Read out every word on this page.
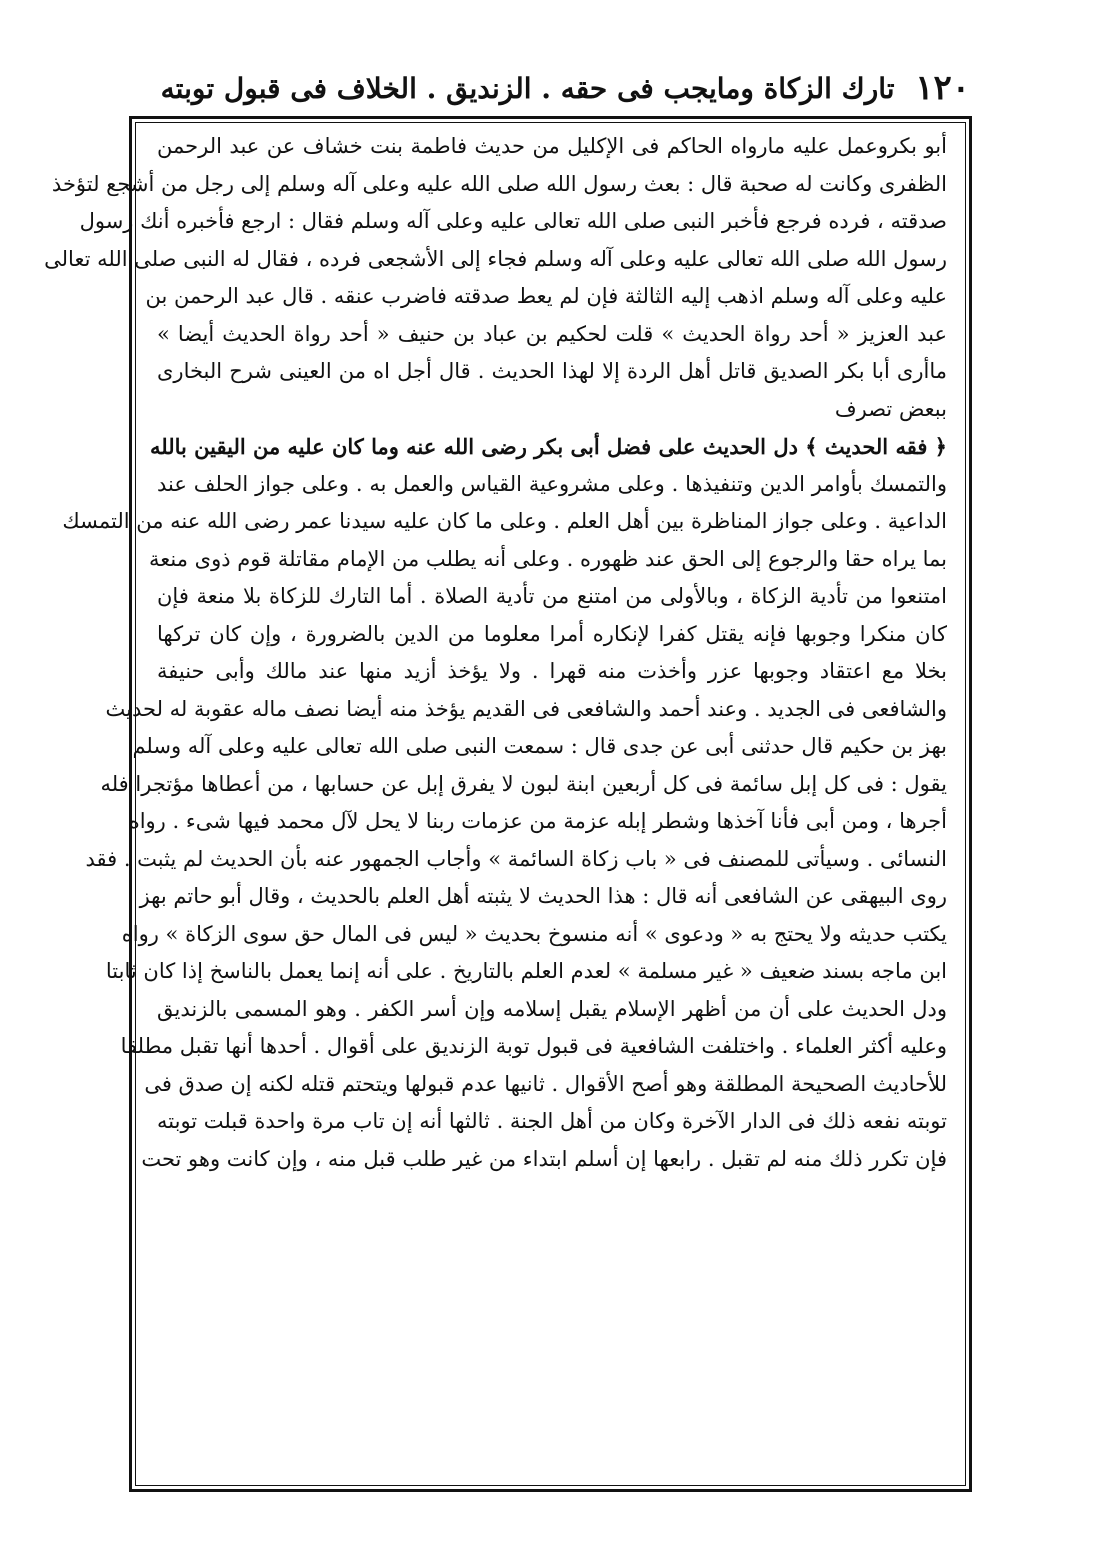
١٢٠
تارك الزكاة ومايجب فى حقه . الزنديق . الخلاف فى قبول توبته
أبو بكروعمل عليه مارواه الحاكم فى الإكليل من حديث فاطمة بنت خشاف عن عبد الرحمن
الظفرى وكانت له صحبة قال : بعث رسول الله صلى الله عليه وعلى آله وسلم إلى رجل من أشجع لتؤخذ
صدقته ، فرده فرجع فأخبر النبى صلى الله تعالى عليه وعلى آله وسلم فقال : ارجع فأخبره أنك رسول
رسول الله صلى الله تعالى عليه وعلى آله وسلم فجاء إلى الأشجعى فرده ، فقال له النبى صلى الله تعالى
عليه وعلى آله وسلم اذهب إليه الثالثة فإن لم يعط صدقته فاضرب عنقه . قال عبد الرحمن بن
عبد العزيز « أحد رواة الحديث » قلت لحكيم بن عباد بن حنيف « أحد رواة الحديث أيضا »
ماأرى أبا بكر الصديق قاتل أهل الردة إلا لهذا الحديث . قال أجل اه من العينى شرح البخارى
ببعض تصرف
﴿ فقه الحديث ﴾ دل الحديث على فضل أبى بكر رضى الله عنه وما كان عليه من اليقين بالله
والتمسك بأوامر الدين وتنفيذها . وعلى مشروعية القياس والعمل به . وعلى جواز الحلف عند
الداعية . وعلى جواز المناظرة بين أهل العلم . وعلى ما كان عليه سيدنا عمر رضى الله عنه من التمسك
بما يراه حقا والرجوع إلى الحق عند ظهوره . وعلى أنه يطلب من الإمام مقاتلة قوم ذوى منعة
امتنعوا من تأدية الزكاة ، وبالأولى من امتنع من تأدية الصلاة . أما التارك للزكاة بلا منعة فإن
كان منكرا وجوبها فإنه يقتل كفرا لإنكاره أمرا معلوما من الدين بالضرورة ، وإن كان تركها
بخلا مع اعتقاد وجوبها عزر وأخذت منه قهرا . ولا يؤخذ أزيد منها عند مالك وأبى حنيفة
والشافعى فى الجديد . وعند أحمد والشافعى فى القديم يؤخذ منه أيضا نصف ماله عقوبة له لحديث
بهز بن حكيم قال حدثنى أبى عن جدى قال : سمعت النبى صلى الله تعالى عليه وعلى آله وسلم
يقول : فى كل إبل سائمة فى كل أربعين ابنة لبون لا يفرق إبل عن حسابها ، من أعطاها مؤتجرا فله
أجرها ، ومن أبى فأنا آخذها وشطر إبله عزمة من عزمات ربنا لا يحل لآل محمد فيها شىء . رواه
النسائى . وسيأتى للمصنف فى « باب زكاة السائمة » وأجاب الجمهور عنه بأن الحديث لم يثبت . فقد
روى البيهقى عن الشافعى أنه قال : هذا الحديث لا يثبته أهل العلم بالحديث ، وقال أبو حاتم بهز
يكتب حديثه ولا يحتج به « ودعوى » أنه منسوخ بحديث « ليس فى المال حق سوى الزكاة » رواه
ابن ماجه بسند ضعيف « غير مسلمة » لعدم العلم بالتاريخ . على أنه إنما يعمل بالناسخ إذا كان ثابتا
ودل الحديث على أن من أظهر الإسلام يقبل إسلامه وإن أسر الكفر . وهو المسمى بالزنديق
وعليه أكثر العلماء . واختلفت الشافعية فى قبول توبة الزنديق على أقوال . أحدها أنها تقبل مطلقا
للأحاديث الصحيحة المطلقة وهو أصح الأقوال . ثانيها عدم قبولها ويتحتم قتله لكنه إن صدق فى
توبته نفعه ذلك فى الدار الآخرة وكان من أهل الجنة . ثالثها أنه إن تاب مرة واحدة قبلت توبته
فإن تكرر ذلك منه لم تقبل . رابعها إن أسلم ابتداء من غير طلب قبل منه ، وإن كانت وهو تحت
